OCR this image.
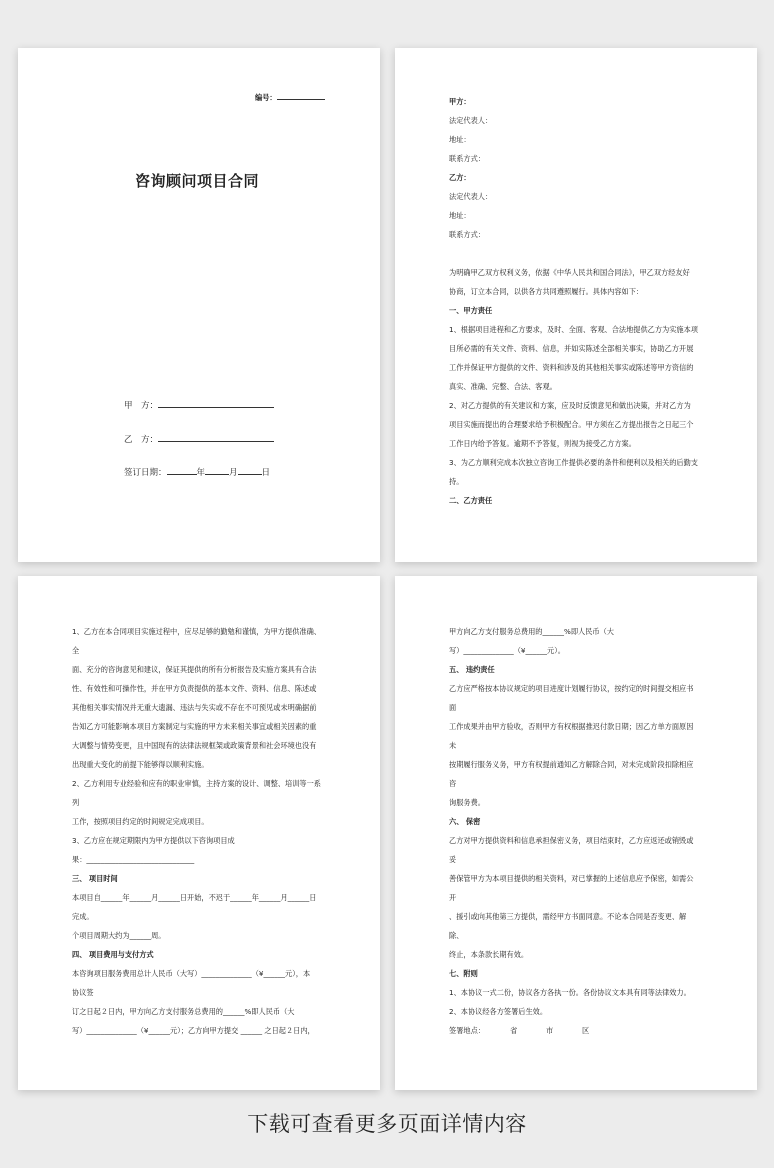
编号：
咨询顾问项目合同
甲　方：
乙　方：
签订日期：	年	月	日
甲方：
法定代表人：
地址：
联系方式：
乙方：
法定代表人：
地址：
联系方式：

为明确甲乙双方权利义务，依据《中华人民共和国合同法》，甲乙双方经友好
协商，订立本合同，以供各方共同遵照履行。具体内容如下：
一、甲方责任
1、根据项目进程和乙方要求，及时、全面、客观、合法地提供乙方为实施本项
目所必需的有关文件、资料、信息，并如实陈述全部相关事实，协助乙方开展
工作并保证甲方提供的文件、资料和涉及的其他相关事实或陈述等甲方资信的
真实、准确、完整、合法、客观。
2、对乙方提供的有关建议和方案，应及时反馈意见和做出决策，并对乙方为
项目实施而提出的合理要求给予积极配合。甲方须在乙方提出报告之日起三个
工作日内给予答复。逾期不予答复，则视为接受乙方方案。
3、为乙方顺利完成本次独立咨询工作提供必要的条件和便利以及相关的后勤支
持。
二、乙方责任
1、乙方在本合同项目实施过程中，应尽足够的勤勉和谨慎，为甲方提供准确、
全
面、充分的咨询意见和建议，保证其提供的所有分析报告及实施方案具有合法
性、有效性和可操作性，并在甲方负责提供的基本文件、资料、信息、陈述或
其他相关事实情况并无重大遗漏、违法与失实或不存在不可预见或未明确据前
告知乙方可能影响本项目方案制定与实施的甲方未来相关事宜或相关因素的重
大调整与情势变更，且中国现有的法律法规框架或政策背景和社会环境也没有
出现重大变化的前提下能够得以顺利实施。
2、乙方利用专业经验和应有的职业审慎，主持方案的设计、调整、培训等一系
列
工作，按照项目约定的时间规定完成项目。
3、乙方应在规定期限内为甲方提供以下咨询项目成
果：______________________________
三、 项目时间
本项目自______年______月______日开始，不迟于______年______月______日
完成。
个项目周期大约为______周。
四、 项目费用与支付方式
本咨询项目服务费用总计人民币（大写）______________（¥______元），本
协议签
订之日起２日内，甲方向乙方支付服务总费用的______%即人民币（大
写）______________（¥______元）；乙方向甲方提交 ______ 之日起２日内，
甲方向乙方支付服务总费用的______%即人民币（大
写）______________（¥______元）。
五、 违约责任
乙方应严格按本协议规定的项目进度计划履行协议，按约定的时间提交相应书
面
工作成果并由甲方验收，否则甲方有权根据推迟付款日期；因乙方单方面原因
未
按期履行服务义务，甲方有权提前通知乙方解除合同，对未完成阶段扣除相应
咨
询服务费。
六、 保密
乙方对甲方提供资料和信息承担保密义务，项目结束时，乙方应返还或销毁或
妥
善保管甲方为本项目提供的相关资料，对已掌握的上述信息应予保密，如需公
开
、援引或向其他第三方提供，需经甲方书面同意。不论本合同是否变更、解
除、
终止，本条款长期有效。
七、附则
1、本协议一式二份，协议各方各执一份。各份协议文本具有同等法律效力。
2、本协议经各方签署后生效。
签署地点：　　　　省　　　　市　　　　区
下载可查看更多页面详情内容
